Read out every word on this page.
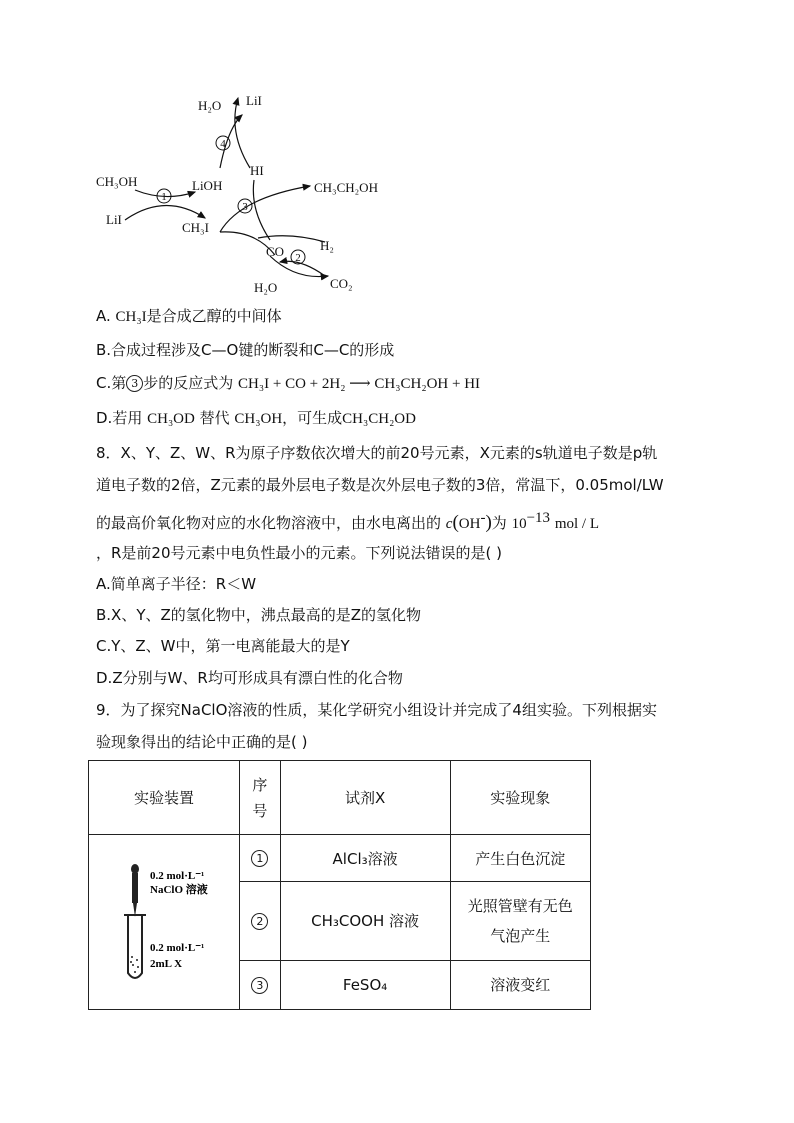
1
4
3
2
CH₃OH
LiI
LiOH
CH₃I
H₂O LiI
HI
CH₃CH₂OH
CO	H₂
H₂O	CO₂
A. CH₃I是合成乙醇的中间体
B.合成过程涉及C—O键的断裂和C—C的形成
C.第 3 步的反应式为 CH₃I + CO + 2H₂ ⟶ CH₃CH₂OH + HI
D.若用 CH₃OD 替代 CH₃OH，可生成CH₃CH₂OD
8．X、Y、Z、W、R为原子序数依次增大的前20号元素，X元素的s轨道电子数是p轨
道电子数的2倍，Z元素的最外层电子数是次外层电子数的3倍，常温下，0.05mol/LW
的最高价氧化物对应的水化物溶液中，由水电离出的 c(OH-)为 $10^{-13}$ mol / L
，R是前20号元素中电负性最小的元素。下列说法错误的是( )
A.简单离子半径：R＜W
B.X、Y、Z的氢化物中，沸点最高的是Z的氢化物
C.Y、Z、W中，第一电离能最大的是Y
D.Z分别与W、R均可形成具有漂白性的化合物
9．为了探究NaClO溶液的性质，某化学研究小组设计并完成了4组实验。下列根据实
验现象得出的结论中正确的是( )
实验装置	序
号	试剂X	实验现象

0.2 mol·L⁻¹
NaClO 溶液
0.2 mol·L⁻¹
2mL X	1	AlCl₃溶液	产生白色沉淀
	2	CH₃COOH 溶液	光照管壁有无色
气泡产生

	3	FeSO₄	溶液变红
